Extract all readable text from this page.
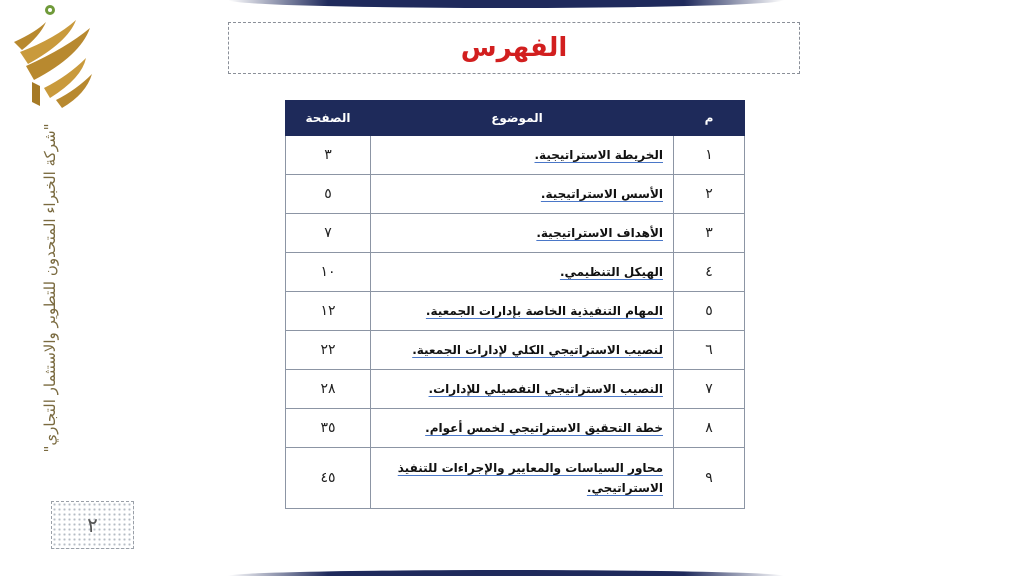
"شركة الخبراء المتحدون للتطوير والاستثمار التجاري"
الفهرس
م	الموضوع	الصفحة
١	الخريطة الاستراتيجية.	٣
٢	الأسس الاستراتيجية.	٥
٣	الأهداف الاستراتيجية.	٧
٤	الهيكل التنظيمي.	١٠
٥	المهام التنفيذية الخاصة بإدارات الجمعية.	١٢
٦	لنصيب الاستراتيجي الكلي لإدارات الجمعية.	٢٢
٧	النصيب الاستراتيجي التفصيلي للإدارات.	٢٨
٨	خطة التحقيق الاستراتيجي لخمس أعوام.	٣٥
٩	محاور السياسات والمعايير والإجراءات للتنفيذ الاستراتيجي.	٤٥
٢
